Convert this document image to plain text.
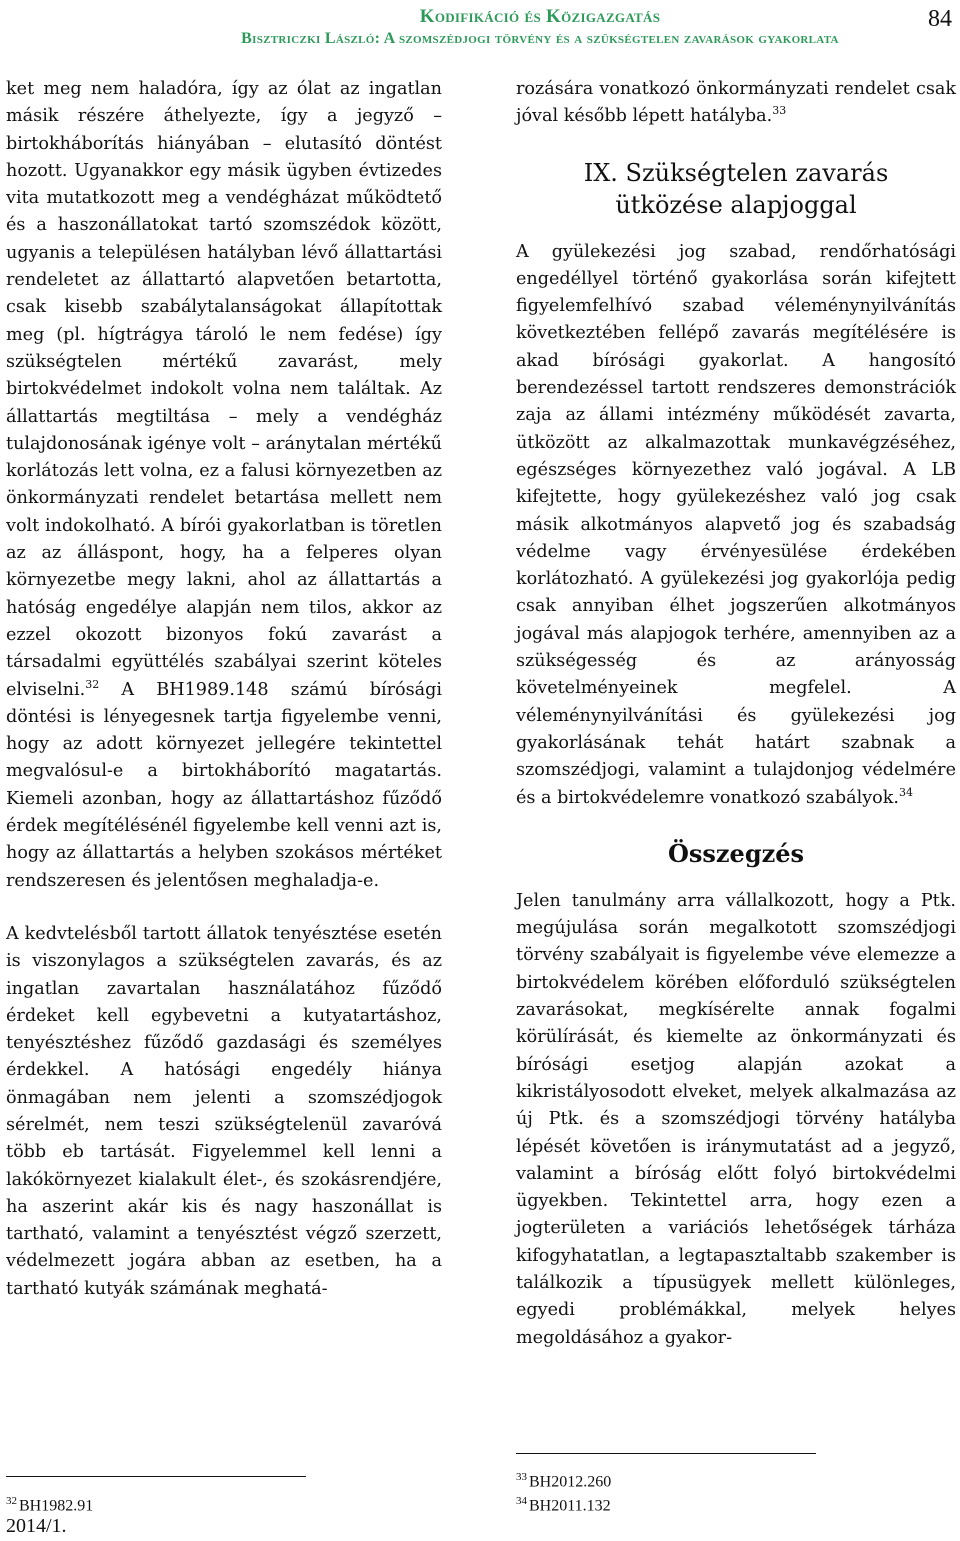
Kodifikáció és Közigazgatás
Bisztriczki László: A szomszédjogi törvény és a szükségtelen zavarások gyakorlata
84

ket meg nem haladóra, így az ólat az ingatlan másik részére áthelyezte, így a jegyző – birtokháborítás hiányában – elutasító döntést hozott. Ugyanakkor egy másik ügyben évtizedes vita mutatkozott meg a vendégházat működtető és a haszonállatokat tartó szomszédok között, ugyanis a településen hatályban lévő állattartási rendeletet az állattartó alapvetően betartotta, csak kisebb szabálytalanságokat állapítottak meg (pl. hígtrágya tároló le nem fedése) így szükségtelen mértékű zavarást, mely birtokvédelmet indokolt volna nem találtak. Az állattartás megtiltása – mely a vendégház tulajdonosának igénye volt – aránytalan mértékű korlátozás lett volna, ez a falusi környezetben az önkormányzati rendelet betartása mellett nem volt indokolható. A bírói gyakorlatban is töretlen az az álláspont, hogy, ha a felperes olyan környezetbe megy lakni, ahol az állattartás a hatóság engedélye alapján nem tilos, akkor az ezzel okozott bizonyos fokú zavarást a társadalmi együttélés szabályai szerint köteles elviselni.$^{32}$ A BH1989.148 számú bírósági döntési is lényegesnek tartja figyelembe venni, hogy az adott környezet jellegére tekintettel megvalósul-e a birtokháborító magatartás. Kiemeli azonban, hogy az állattartáshoz fűződő érdek megítélésénél figyelembe kell venni azt is, hogy az állattartás a helyben szokásos mértéket rendszeresen és jelentősen meghaladja-e.

A kedvtelésből tartott állatok tenyésztése esetén is viszonylagos a szükségtelen zavarás, és az ingatlan zavartalan használatához fűződő érdeket kell egybevetni a kutyatartáshoz, tenyésztéshez fűződő gazdasági és személyes érdekkel. A hatósági engedély hiánya önmagában nem jelenti a szomszédjogok sérelmét, nem teszi szükségtelenül zavaróvá több eb tartását. Figyelemmel kell lenni a lakókörnyezet kialakult élet-, és szokásrendjére, ha aszerint akár kis és nagy haszonállat is tartható, valamint a tenyésztést végző szerzett, védelmezett jogára abban az esetben, ha a tartható kutyák számának meghatá-

rozására vonatkozó önkormányzati rendelet csak jóval később lépett hatályba.$^{33}$

IX. Szükségtelen zavarás
ütközése alapjoggal

A gyülekezési jog szabad, rendőrhatósági engedéllyel történő gyakorlása során kifejtett figyelemfelhívó szabad véleménynyilvánítás következtében fellépő zavarás megítélésére is akad bírósági gyakorlat. A hangosító berendezéssel tartott rendszeres demonstrációk zaja az állami intézmény működését zavarta, ütközött az alkalmazottak munkavégzéséhez, egészséges környezethez való jogával. A LB kifejtette, hogy gyülekezéshez való jog csak másik alkotmányos alapvető jog és szabadság védelme vagy érvényesülése érdekében korlátozható. A gyülekezési jog gyakorlója pedig csak annyiban élhet jogszerűen alkotmányos jogával más alapjogok terhére, amennyiben az a szükségesség és az arányosság követelményeinek megfelel. A véleménynyilvánítási és gyülekezési jog gyakorlásának tehát határt szabnak a szomszédjogi, valamint a tulajdonjog védelmére és a birtokvédelemre vonatkozó szabályok.$^{34}$

Összegzés

Jelen tanulmány arra vállalkozott, hogy a Ptk. megújulása során megalkotott szomszédjogi törvény szabályait is figyelembe véve elemezze a birtokvédelem körében előforduló szükségtelen zavarásokat, megkísérelte annak fogalmi körülírását, és kiemelte az önkormányzati és bírósági esetjog alapján azokat a kikristályosodott elveket, melyek alkalmazása az új Ptk. és a szomszédjogi törvény hatályba lépését követően is iránymutatást ad a jegyző, valamint a bíróság előtt folyó birtokvédelmi ügyekben. Tekintettel arra, hogy ezen a jogterületen a variációs lehetőségek tárháza kifogyhatatlan, a legtapasztaltabb szakember is találkozik a típusügyek mellett különleges, egyedi problémákkal, melyek helyes megoldásához a gyakor-

$^{33}$ BH2012.260
$^{34}$ BH2011.132
$^{32}$ BH1982.91
2014/1.
